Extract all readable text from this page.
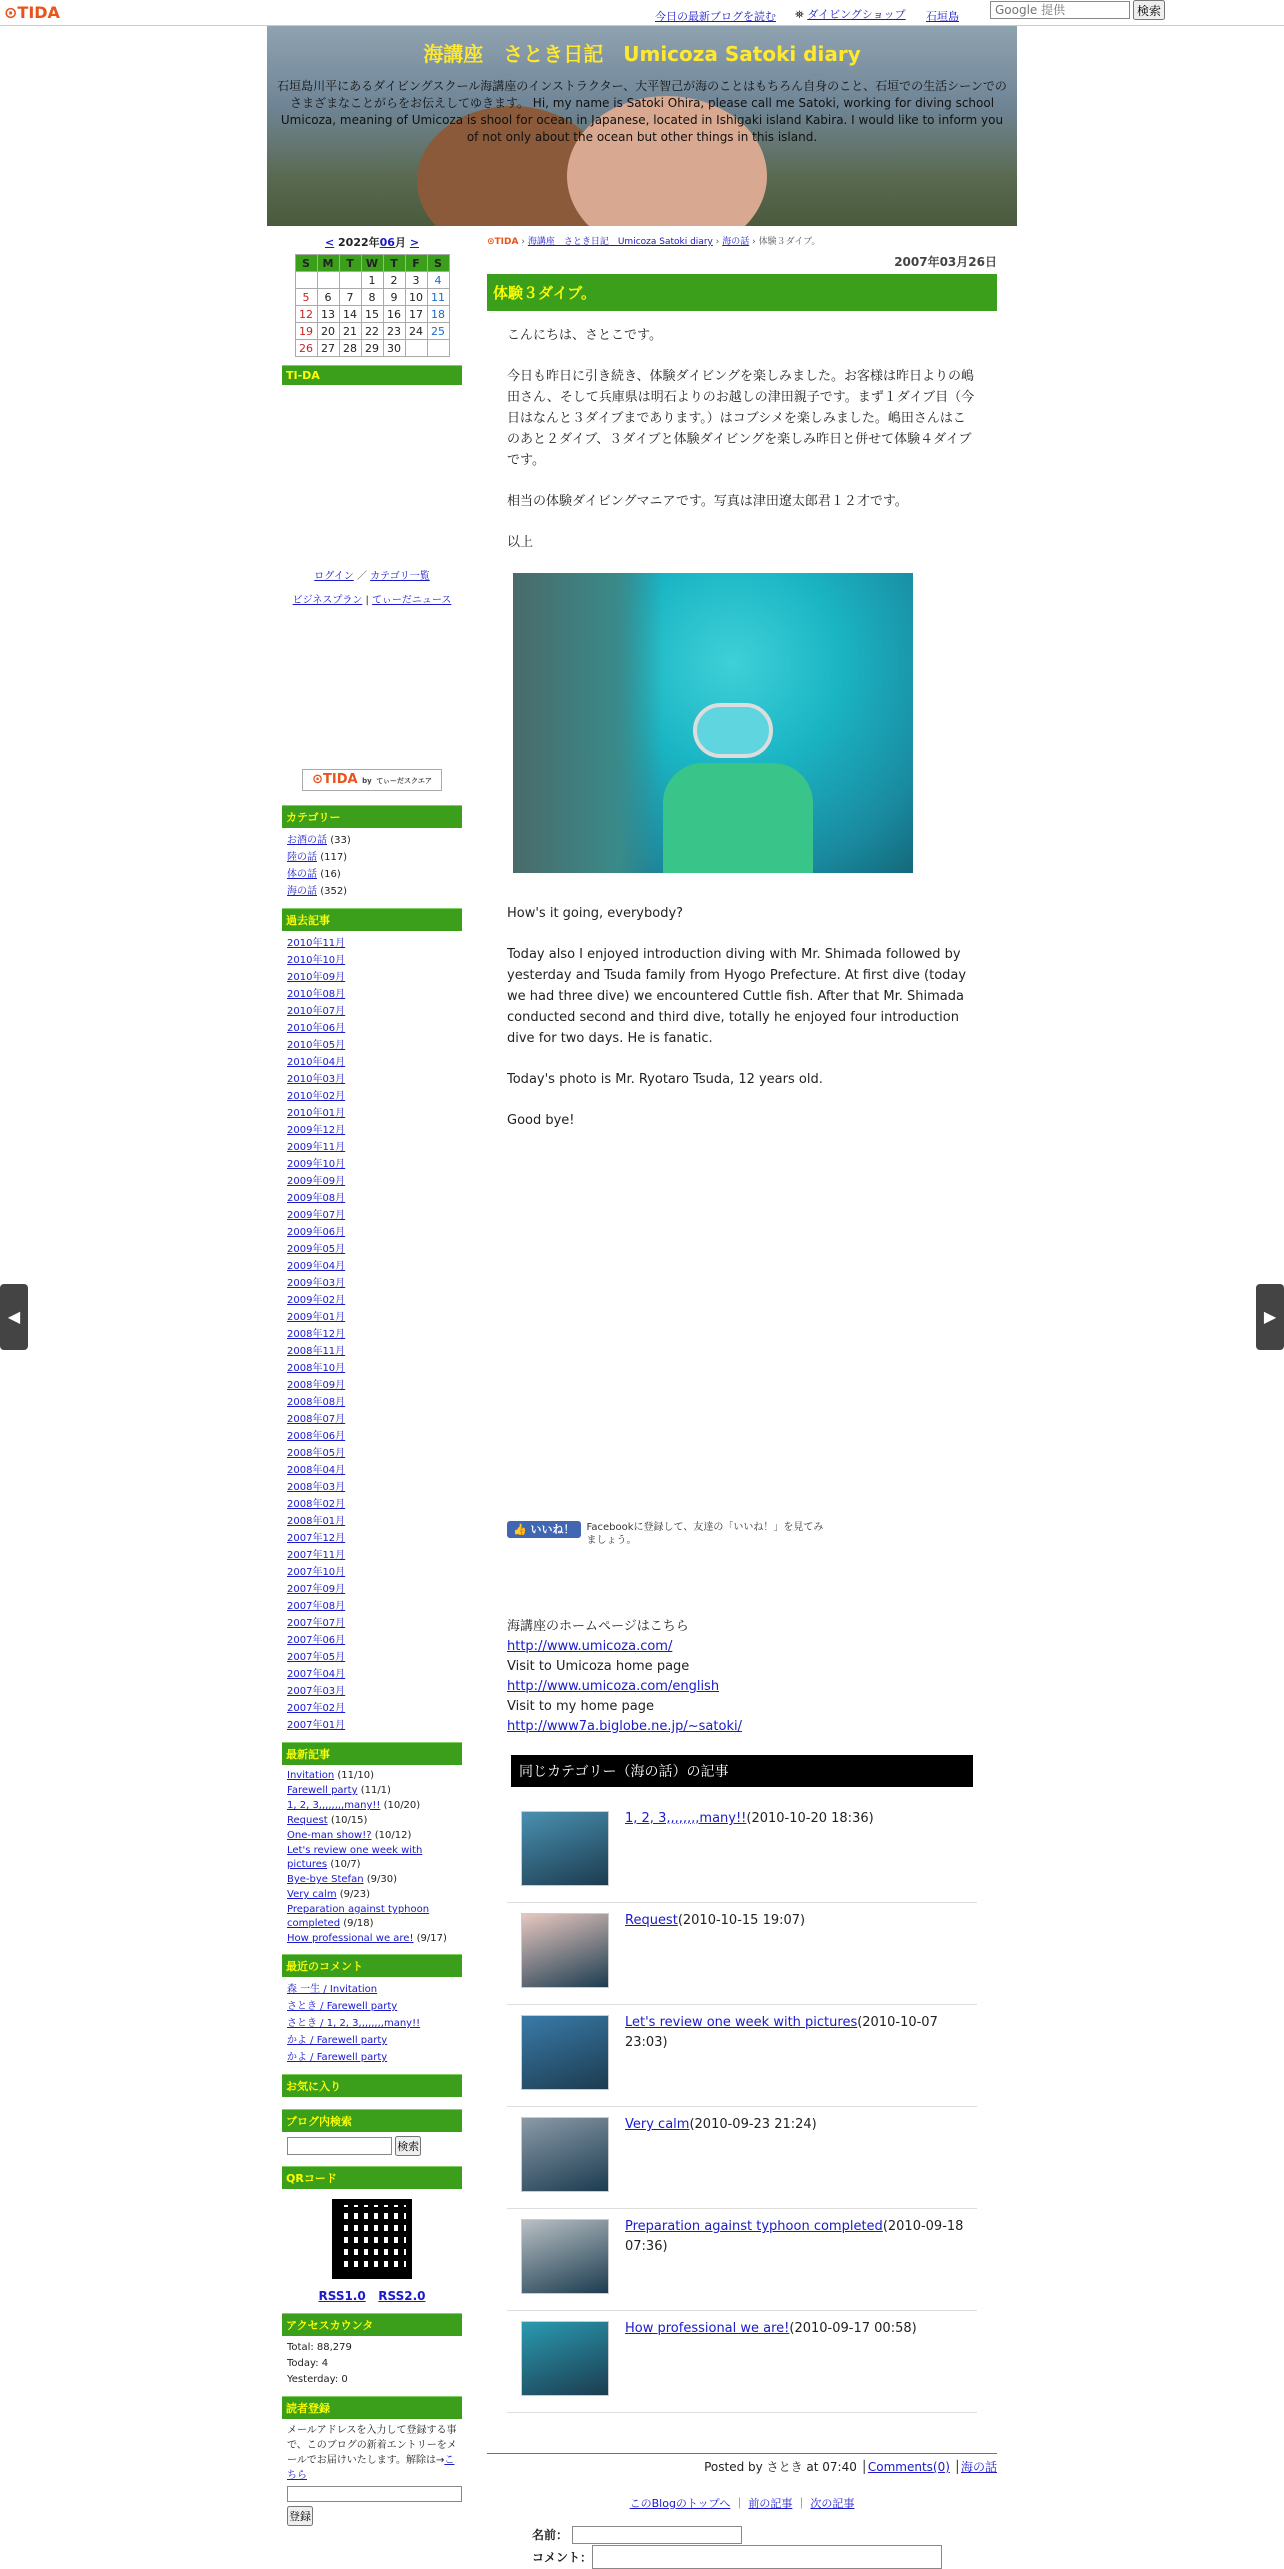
⊙TIDA	今日の最新ブログを読む ⛯ ダイビングショップ 石垣島
Google 提供	検索
海講座　さとき日記　Umicoza Satoki diary
石垣島川平にあるダイビングスクール海講座のインストラクター、大平智己が海のことはもちろん自身のこと、石垣での生活シーンでのさまざまなことがらをお伝えしてゆきます。 Hi, my name is Satoki Ohira, please call me Satoki, working for diving school Umicoza, meaning of Umicoza is shool for ocean in Japanese, located in Ishigaki island Kabira. I would like to inform you of not only about the ocean but other things in this island.
◀	▶
< 2022年06月 >
S	M	T	W	T	F	S
			1	2	3	4
5	6	7	8	9	10	11
12	13	14	15	16	17	18
19	20	21	22	23	24	25
26	27	28	29	30		
TI-DA
ログイン ／ カテゴリ一覧

ビジネスプラン | てぃーだニュース
⊙TIDA by てぃーだスクエア
カテゴリー
お酒の話 (33)
陸の話 (117)
体の話 (16)
海の話 (352)
過去記事
2010年11月
2010年10月
2010年09月
2010年08月
2010年07月
2010年06月
2010年05月
2010年04月
2010年03月
2010年02月
2010年01月
2009年12月
2009年11月
2009年10月
2009年09月
2009年08月
2009年07月
2009年06月
2009年05月
2009年04月
2009年03月
2009年02月
2009年01月
2008年12月
2008年11月
2008年10月
2008年09月
2008年08月
2008年07月
2008年06月
2008年05月
2008年04月
2008年03月
2008年02月
2008年01月
2007年12月
2007年11月
2007年10月
2007年09月
2007年08月
2007年07月
2007年06月
2007年05月
2007年04月
2007年03月
2007年02月
2007年01月
最新記事
Invitation (11/10)
Farewell party (11/1)
1, 2, 3,,,,,,,,many!! (10/20)
Request (10/15)
One-man show!? (10/12)
Let's review one week with pictures (10/7)
Bye-bye Stefan (9/30)
Very calm (9/23)
Preparation against typhoon completed (9/18)
How professional we are! (9/17)
最近のコメント
森 一生 / Invitation
さとき / Farewell party
さとき / 1, 2, 3,,,,,,,,many!!
かよ / Farewell party
かよ / Farewell party
お気に入り
ブログ内検索
検索
QRコード
RSS1.0 RSS2.0
アクセスカウンタ
Total: 88,279
Today: 4
Yesterday: 0
読者登録
メールアドレスを入力して登録する事で、このブログの新着エントリーをメールでお届けいたします。解除は→こちら

登録
⊙TIDA › 海講座　さとき日記　Umicoza Satoki diary › 海の話 › 体験３ダイブ。
2007年03月26日
体験３ダイブ。

こんにちは、さとこです。

今日も昨日に引き続き、体験ダイビングを楽しみました。お客様は昨日よりの嶋田さん、そして兵庫県は明石よりのお越しの津田親子です。まず１ダイブ目（今日はなんと３ダイブまであります。）はコブシメを楽しみました。嶋田さんはこのあと２ダイブ、３ダイブと体験ダイビングを楽しみ昨日と併せて体験４ダイブです。

相当の体験ダイビングマニアです。写真は津田遼太郎君１２才です。

以上

How's it going, everybody?

Today also I enjoyed introduction diving with Mr. Shimada followed by yesterday and Tsuda family from Hyogo Prefecture. At first dive (today we had three dive) we encountered Cuttle fish. After that Mr. Shimada conducted second and third dive, totally he enjoyed four introduction dive for two days. He is fanatic.

Today's photo is Mr. Ryotaro Tsuda, 12 years old.

Good bye!

👍 いいね！	Facebookに登録して、友達の「いいね！」を見てみましょう。
海講座のホームページはこちら
http://www.umicoza.com/
Visit to Umicoza home page
http://www.umicoza.com/english
Visit to my home page
http://www7a.biglobe.ne.jp/~satoki/
同じカテゴリー（海の話）の記事
1, 2, 3,,,,,,,,many!!(2010-10-20 18:36)
Request(2010-10-15 19:07)
Let's review one week with pictures(2010-10-07 23:03)
Very calm(2010-09-23 21:24)
Preparation against typhoon completed(2010-09-18 07:36)
How professional we are!(2010-09-17 00:58)
Posted by さとき at 07:40 │Comments(0) │海の話
このBlogのトップへ ｜ 前の記事 ｜ 次の記事
名前：
コメント：
